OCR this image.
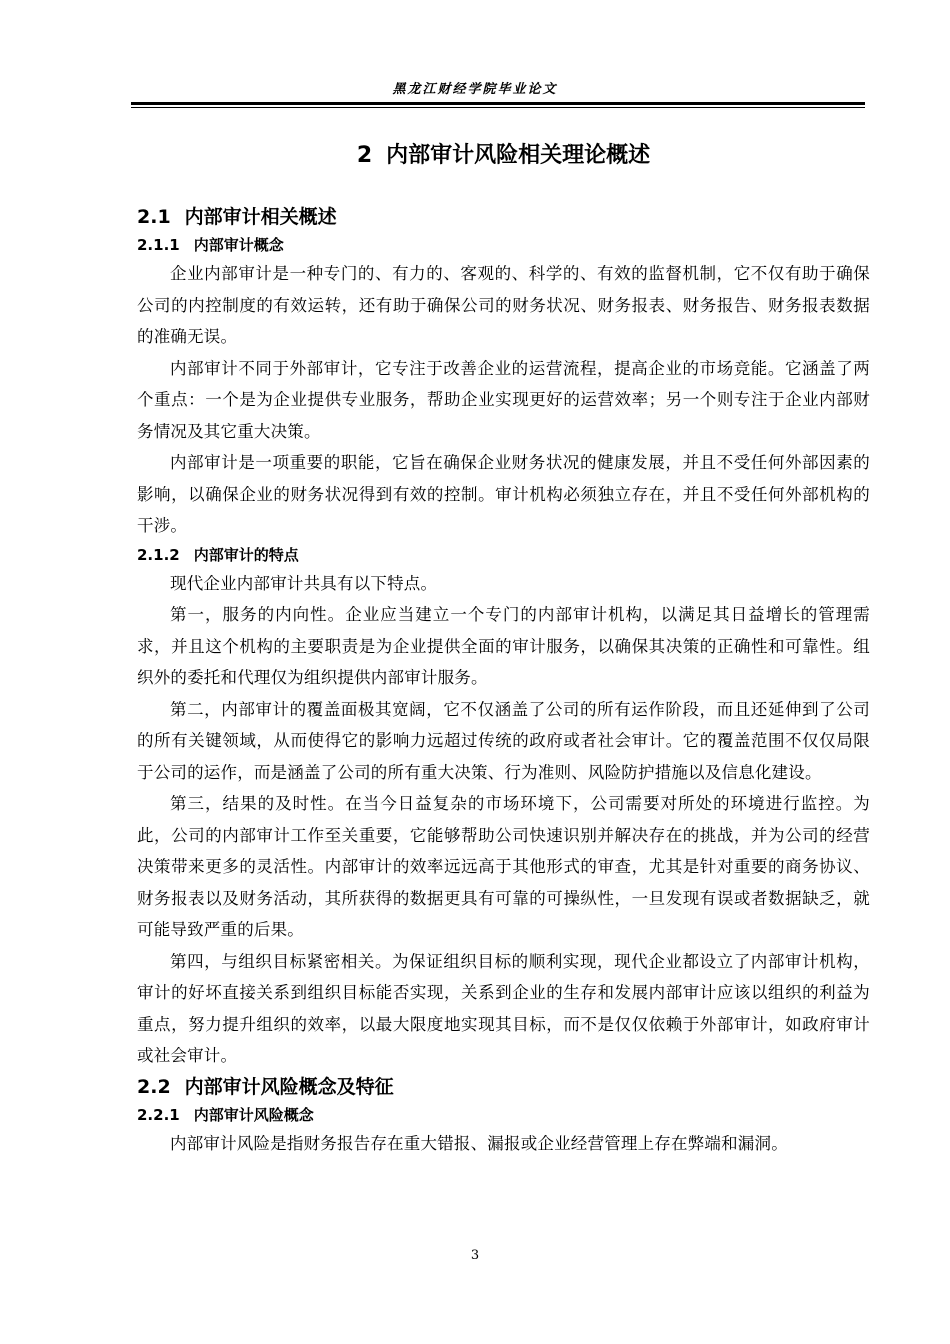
黑龙江财经学院毕业论文
2 内部审计风险相关理论概述
2.1 内部审计相关概述
2.1.1 内部审计概念

企业内部审计是一种专门的、有力的、客观的、科学的、有效的监督机制，它不仅有助于确保公司的内控制度的有效运转，还有助于确保公司的财务状况、财务报表、财务报告、财务报表数据的准确无误。

内部审计不同于外部审计，它专注于改善企业的运营流程，提高企业的市场竞能。它涵盖了两个重点：一个是为企业提供专业服务，帮助企业实现更好的运营效率；另一个则专注于企业内部财务情况及其它重大决策。

内部审计是一项重要的职能，它旨在确保企业财务状况的健康发展，并且不受任何外部因素的影响，以确保企业的财务状况得到有效的控制。审计机构必须独立存在，并且不受任何外部机构的干涉。

2.1.2 内部审计的特点

现代企业内部审计共具有以下特点。

第一，服务的内向性。企业应当建立一个专门的内部审计机构，以满足其日益增长的管理需求，并且这个机构的主要职责是为企业提供全面的审计服务，以确保其决策的正确性和可靠性。组织外的委托和代理仅为组织提供内部审计服务。

第二，内部审计的覆盖面极其宽阔，它不仅涵盖了公司的所有运作阶段，而且还延伸到了公司的所有关键领域，从而使得它的影响力远超过传统的政府或者社会审计。它的覆盖范围不仅仅局限于公司的运作，而是涵盖了公司的所有重大决策、行为准则、风险防护措施以及信息化建设。

第三，结果的及时性。在当今日益复杂的市场环境下，公司需要对所处的环境进行监控。为此，公司的内部审计工作至关重要，它能够帮助公司快速识别并解决存在的挑战，并为公司的经营决策带来更多的灵活性。内部审计的效率远远高于其他形式的审查，尤其是针对重要的商务协议、财务报表以及财务活动，其所获得的数据更具有可靠的可操纵性，一旦发现有误或者数据缺乏，就可能导致严重的后果。

第四，与组织目标紧密相关。为保证组织目标的顺利实现，现代企业都设立了内部审计机构，审计的好坏直接关系到组织目标能否实现，关系到企业的生存和发展内部审计应该以组织的利益为重点，努力提升组织的效率，以最大限度地实现其目标，而不是仅仅依赖于外部审计，如政府审计或社会审计。

2.2 内部审计风险概念及特征
2.2.1 内部审计风险概念

内部审计风险是指财务报告存在重大错报、漏报或企业经营管理上存在弊端和漏洞。

3
